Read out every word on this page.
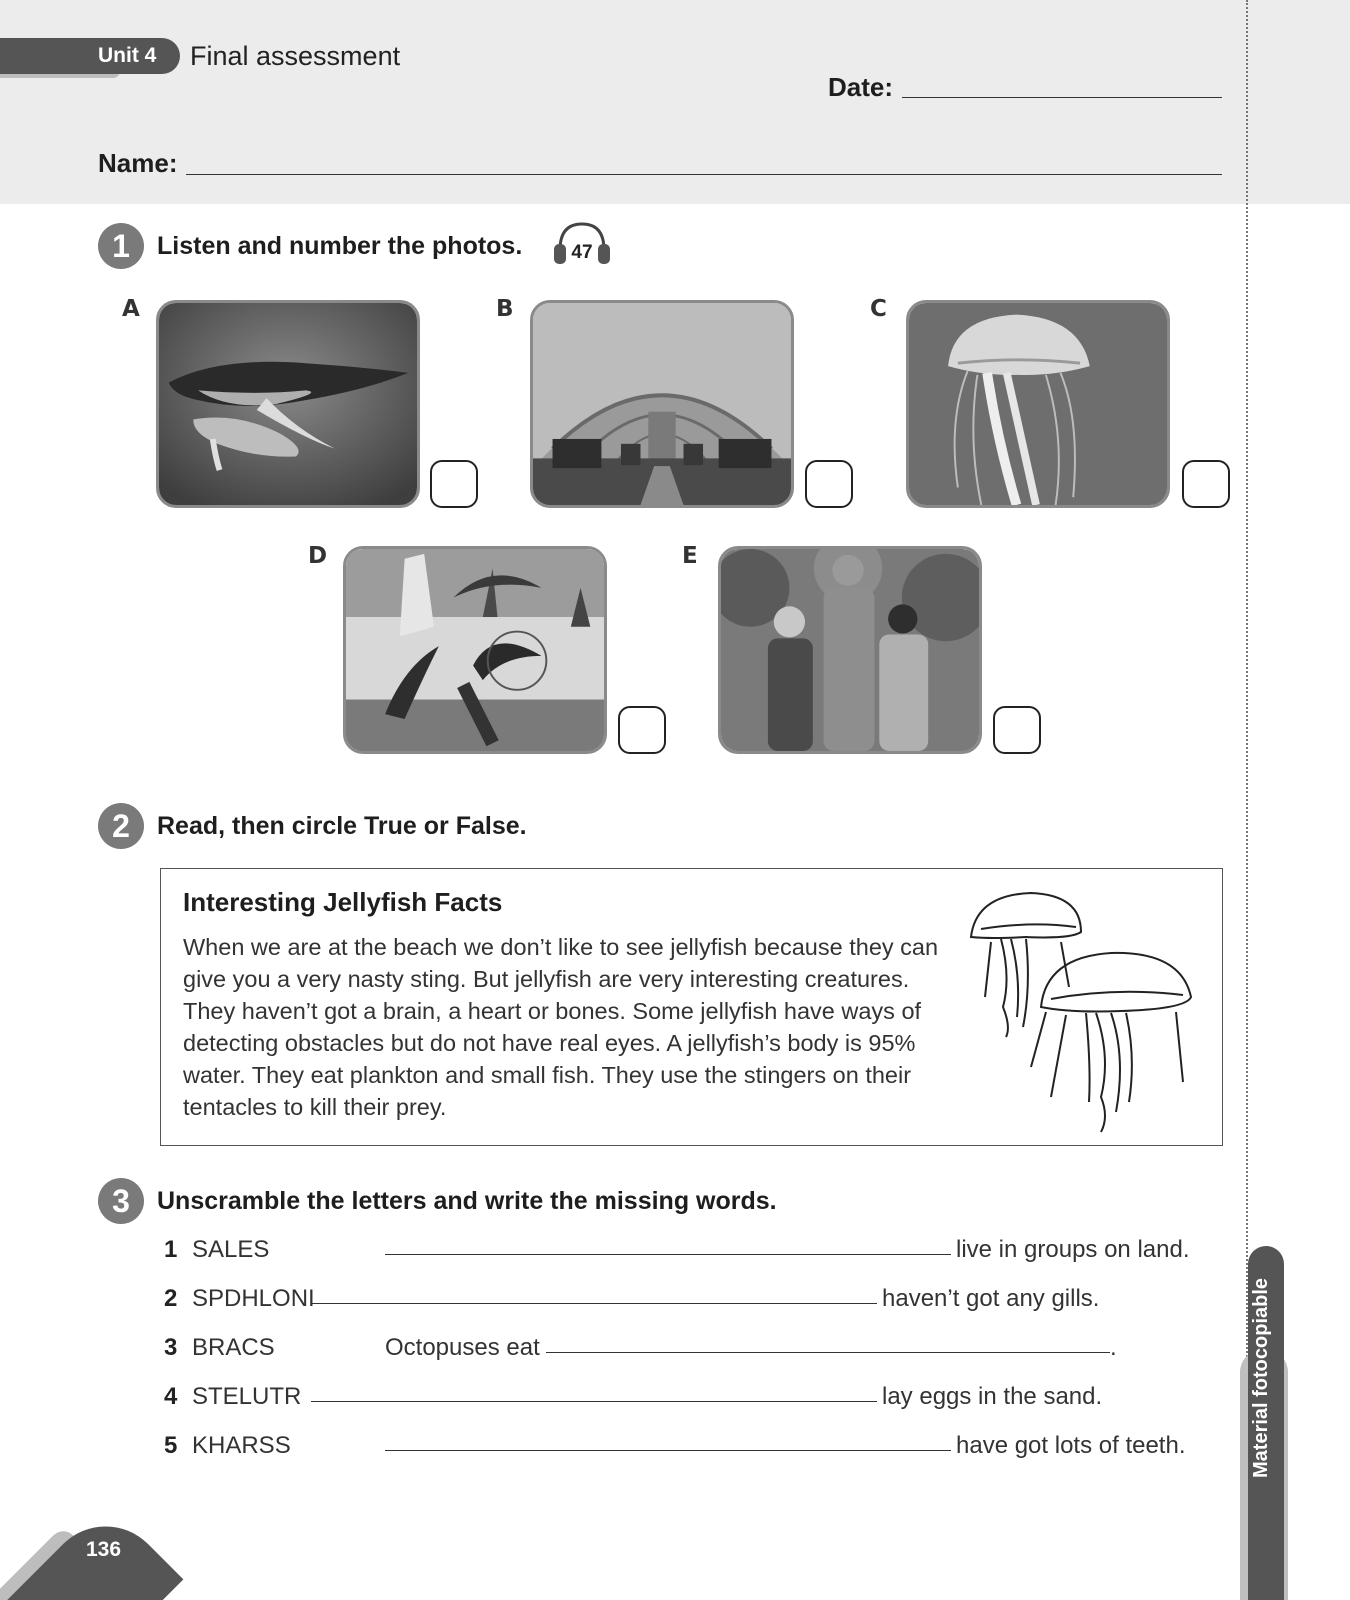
Unit 4	Final assessment
Date:
Name:
1	Listen and number the photos.	47
A	B	C
D	E
2	Read, then circle True or False.
Interesting Jellyfish Facts
When we are at the beach we don’t like to see jellyfish because they can give you a very nasty sting. But jellyfish are very interesting creatures. They haven’t got a brain, a heart or bones. Some jellyfish have ways of detecting obstacles but do not have real eyes. A jellyfish’s body is 95% water. They eat plankton and small fish. They use the stingers on their tentacles to kill their prey.
3	Unscramble the letters and write the missing words.
1 SALES	live in groups on land.
2 SPDHLONI	haven’t got any gills.
3 BRACS	Octopuses eat	.
4 STELUTR	lay eggs in the sand.
5 KHARSS	have got lots of teeth.	Material fotocopiable
136
